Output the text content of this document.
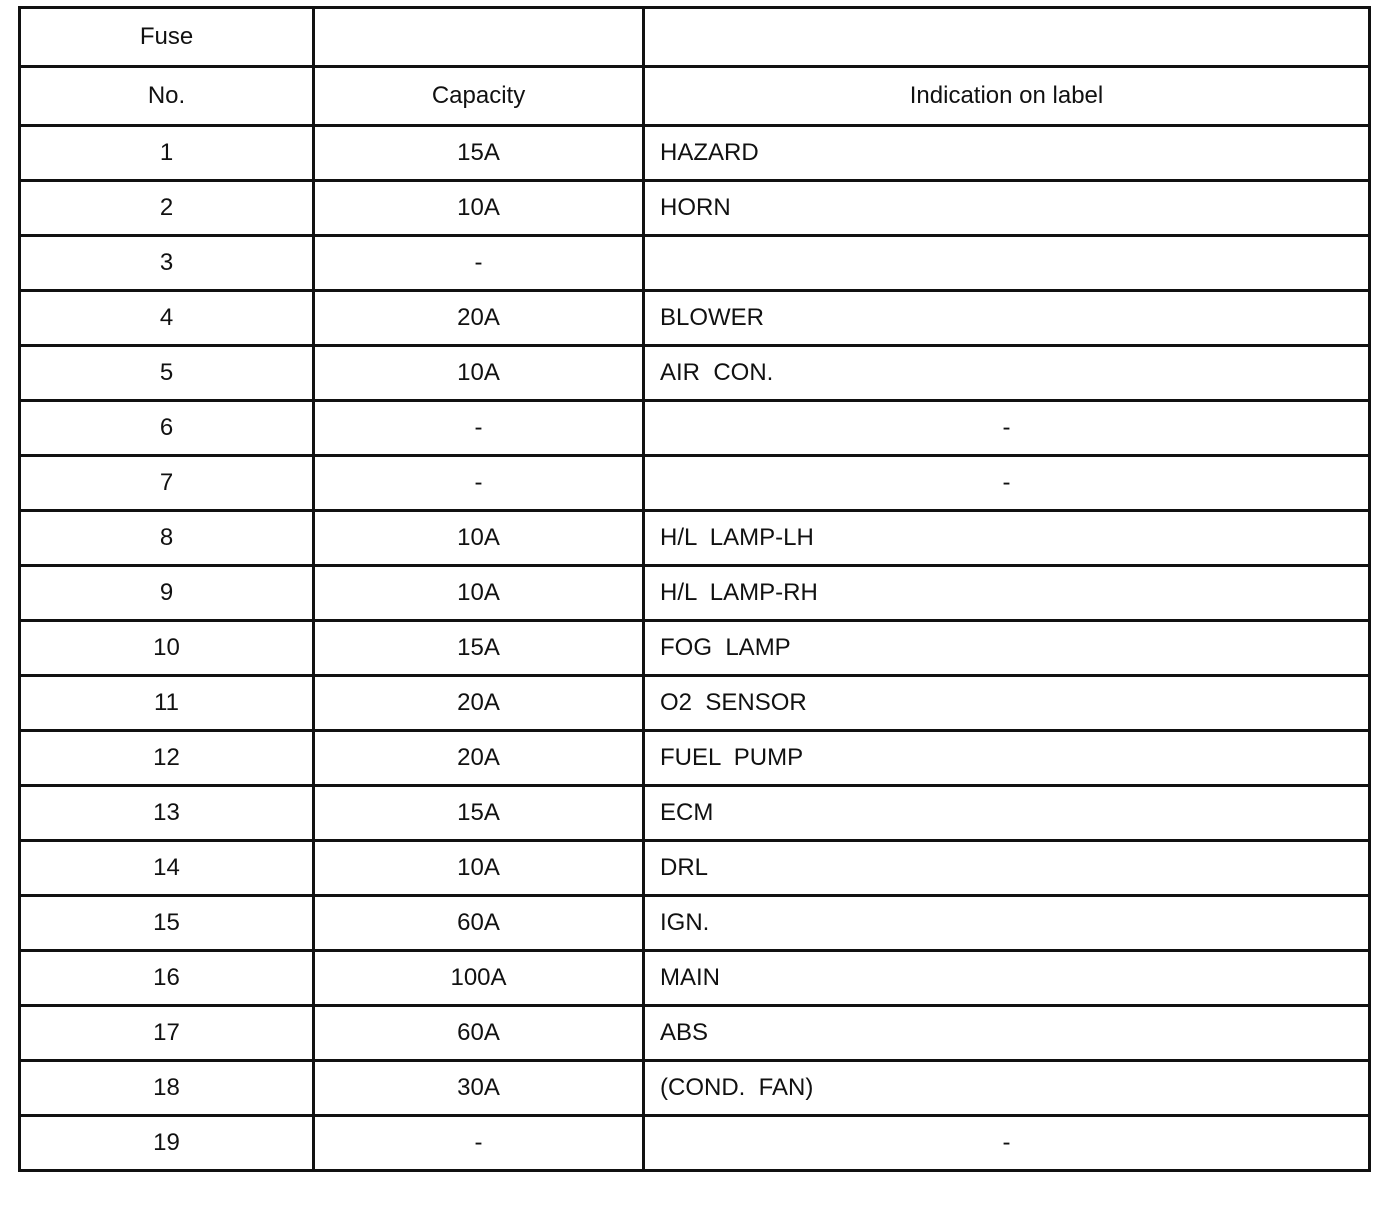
Fuse		
No.	Capacity	Indication on label
1	15A	HAZARD
2	10A	HORN
3	-	
4	20A	BLOWER
5	10A	AIR  CON.
6	-	-
7	-	-
8	10A	H/L  LAMP-LH
9	10A	H/L  LAMP-RH
10	15A	FOG  LAMP
11	20A	O2  SENSOR
12	20A	FUEL  PUMP
13	15A	ECM
14	10A	DRL
15	60A	IGN.
16	100A	MAIN
17	60A	ABS
18	30A	(COND.  FAN)
19	-	-
